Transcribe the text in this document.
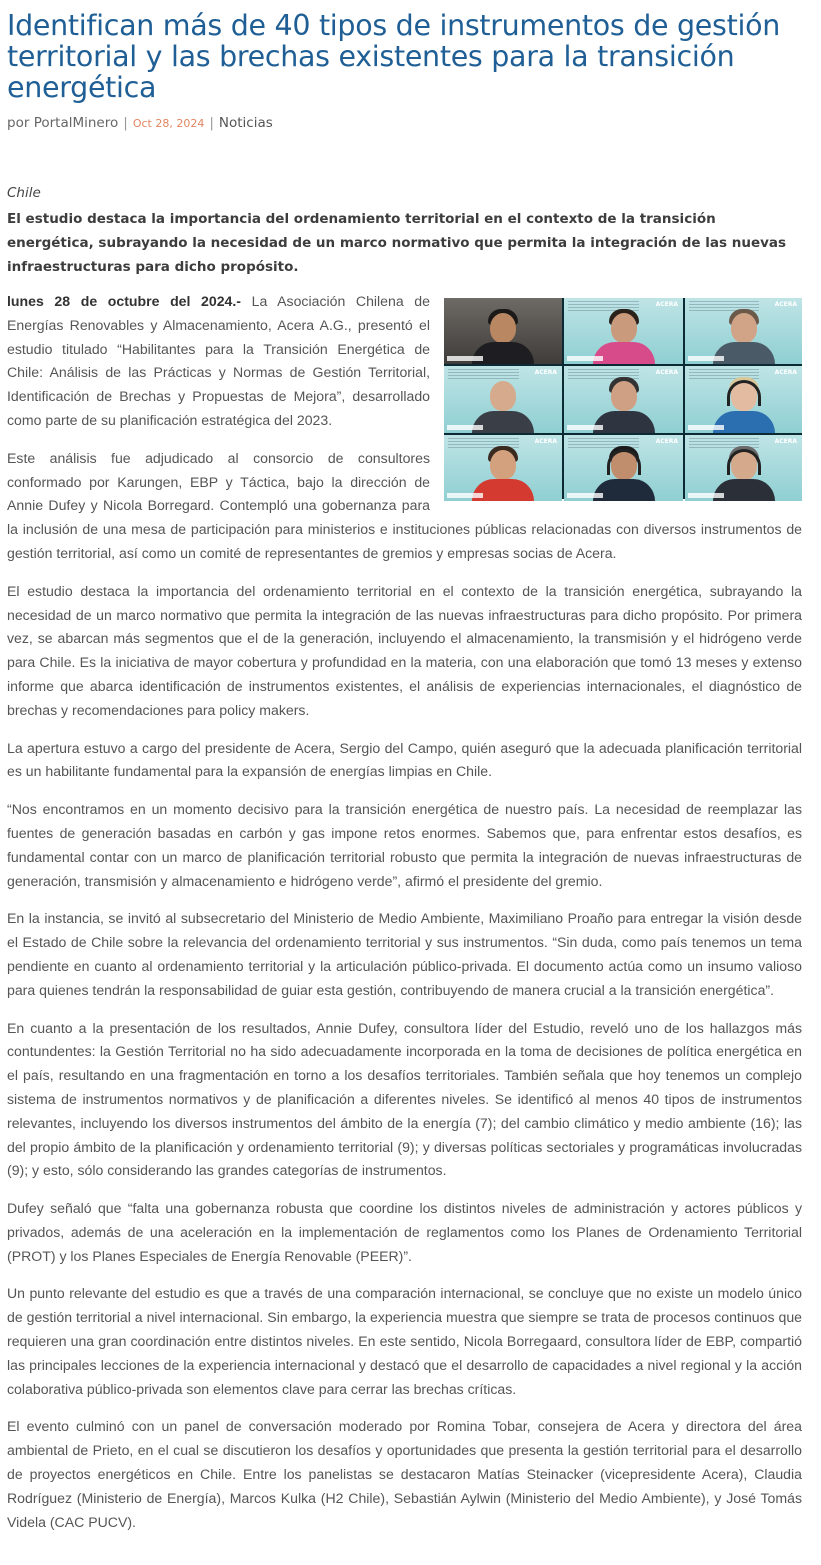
Identifican más de 40 tipos de instrumentos de gestión territorial y las brechas existentes para la transición energética
por PortalMinero | Oct 28, 2024 | Noticias
Chile
El estudio destaca la importancia del ordenamiento territorial en el contexto de la transición energética, subrayando la necesidad de un marco normativo que permita la integración de las nuevas infraestructuras para dicho propósito.
ACERA	ACERA
ACERA	ACERA	ACERA
ACERA	ACERA	ACERA

lunes 28 de octubre del 2024.- La Asociación Chilena de Energías Renovables y Almacenamiento, Acera A.G., presentó el estudio titulado “Habilitantes para la Transición Energética de Chile: Análisis de las Prácticas y Normas de Gestión Territorial, Identificación de Brechas y Propuestas de Mejora”, desarrollado como parte de su planificación estratégica del 2023.

Este análisis fue adjudicado al consorcio de consultores conformado por Karungen, EBP y Táctica, bajo la dirección de Annie Dufey y Nicola Borregard. Contempló una gobernanza para la inclusión de una mesa de participación para ministerios e instituciones públicas relacionadas con diversos instrumentos de gestión territorial, así como un comité de representantes de gremios y empresas socias de Acera.

El estudio destaca la importancia del ordenamiento territorial en el contexto de la transición energética, subrayando la necesidad de un marco normativo que permita la integración de las nuevas infraestructuras para dicho propósito. Por primera vez, se abarcan más segmentos que el de la generación, incluyendo el almacenamiento, la transmisión y el hidrógeno verde para Chile. Es la iniciativa de mayor cobertura y profundidad en la materia, con una elaboración que tomó 13 meses y extenso informe que abarca identificación de instrumentos existentes, el análisis de experiencias internacionales, el diagnóstico de brechas y recomendaciones para policy makers.

La apertura estuvo a cargo del presidente de Acera, Sergio del Campo, quién aseguró que la adecuada planificación territorial es un habilitante fundamental para la expansión de energías limpias en Chile.

“Nos encontramos en un momento decisivo para la transición energética de nuestro país. La necesidad de reemplazar las fuentes de generación basadas en carbón y gas impone retos enormes. Sabemos que, para enfrentar estos desafíos, es fundamental contar con un marco de planificación territorial robusto que permita la integración de nuevas infraestructuras de generación, transmisión y almacenamiento e hidrógeno verde”, afirmó el presidente del gremio.

En la instancia, se invitó al subsecretario del Ministerio de Medio Ambiente, Maximiliano Proaño para entregar la visión desde el Estado de Chile sobre la relevancia del ordenamiento territorial y sus instrumentos. “Sin duda, como país tenemos un tema pendiente en cuanto al ordenamiento territorial y la articulación público-privada. El documento actúa como un insumo valioso para quienes tendrán la responsabilidad de guiar esta gestión, contribuyendo de manera crucial a la transición energética”.

En cuanto a la presentación de los resultados, Annie Dufey, consultora líder del Estudio, reveló uno de los hallazgos más contundentes: la Gestión Territorial no ha sido adecuadamente incorporada en la toma de decisiones de política energética en el país, resultando en una fragmentación en torno a los desafíos territoriales. También señala que hoy tenemos un complejo sistema de instrumentos normativos y de planificación a diferentes niveles. Se identificó al menos 40 tipos de instrumentos relevantes, incluyendo los diversos instrumentos del ámbito de la energía (7); del cambio climático y medio ambiente (16); las del propio ámbito de la planificación y ordenamiento territorial (9); y diversas políticas sectoriales y programáticas involucradas (9); y esto, sólo considerando las grandes categorías de instrumentos.

Dufey señaló que “falta una gobernanza robusta que coordine los distintos niveles de administración y actores públicos y privados, además de una aceleración en la implementación de reglamentos como los Planes de Ordenamiento Territorial (PROT) y los Planes Especiales de Energía Renovable (PEER)”.

Un punto relevante del estudio es que a través de una comparación internacional, se concluye que no existe un modelo único de gestión territorial a nivel internacional. Sin embargo, la experiencia muestra que siempre se trata de procesos continuos que requieren una gran coordinación entre distintos niveles. En este sentido, Nicola Borregaard, consultora líder de EBP, compartió las principales lecciones de la experiencia internacional y destacó que el desarrollo de capacidades a nivel regional y la acción colaborativa público-privada son elementos clave para cerrar las brechas críticas.

El evento culminó con un panel de conversación moderado por Romina Tobar, consejera de Acera y directora del área ambiental de Prieto, en el cual se discutieron los desafíos y oportunidades que presenta la gestión territorial para el desarrollo de proyectos energéticos en Chile. Entre los panelistas se destacaron Matías Steinacker (vicepresidente Acera), Claudia Rodríguez (Ministerio de Energía), Marcos Kulka (H2 Chile), Sebastián Aylwin (Ministerio del Medio Ambiente), y José Tomás Videla (CAC PUCV).
